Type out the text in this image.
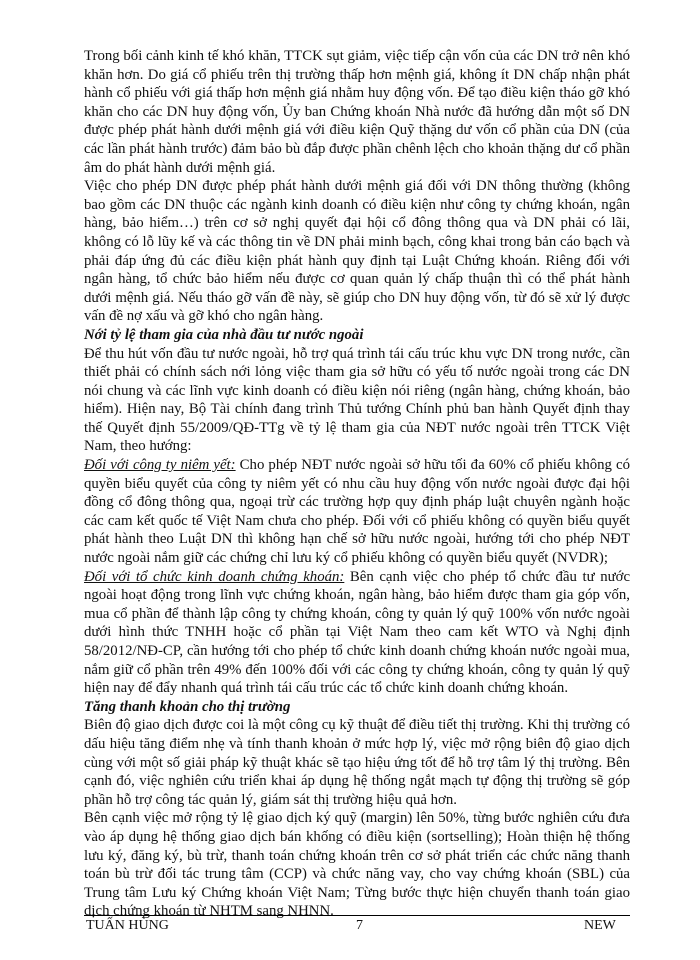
Trong bối cảnh kinh tế khó khăn, TTCK sụt giảm, việc tiếp cận vốn của các DN trở nên khó khăn hơn. Do giá cổ phiếu trên thị trường thấp hơn mệnh giá, không ít DN chấp nhận phát hành cổ phiếu với giá thấp hơn mệnh giá nhằm huy động vốn. Để tạo điều kiện tháo gỡ khó khăn cho các DN huy động vốn, Ủy ban Chứng khoán Nhà nước đã hướng dẫn một số DN được phép phát hành dưới mệnh giá với điều kiện Quỹ thặng dư vốn cổ phần của DN (của các lần phát hành trước) đảm bảo bù đắp được phần chênh lệch cho khoản thặng dư cổ phần âm do phát hành dưới mệnh giá.

Việc cho phép DN được phép phát hành dưới mệnh giá đối với DN thông thường (không bao gồm các DN thuộc các ngành kinh doanh có điều kiện như công ty chứng khoán, ngân hàng, bảo hiểm…) trên cơ sở nghị quyết đại hội cổ đông thông qua và DN phải có lãi, không có lỗ lũy kế và các thông tin về DN phải minh bạch, công khai trong bản cáo bạch và phải đáp ứng đủ các điều kiện phát hành quy định tại Luật Chứng khoán. Riêng đối với ngân hàng, tổ chức bảo hiểm nếu được cơ quan quản lý chấp thuận thì có thể phát hành dưới mệnh giá. Nếu tháo gỡ vấn đề này, sẽ giúp cho DN huy động vốn, từ đó sẽ xử lý được vấn đề nợ xấu và gỡ khó cho ngân hàng.

Nới tỷ lệ tham gia của nhà đầu tư nước ngoài

Để thu hút vốn đầu tư nước ngoài, hỗ trợ quá trình tái cấu trúc khu vực DN trong nước, cần thiết phải có chính sách nới lỏng việc tham gia sở hữu có yếu tố nước ngoài trong các DN nói chung và các lĩnh vực kinh doanh có điều kiện nói riêng (ngân hàng, chứng khoán, bảo hiểm). Hiện nay, Bộ Tài chính đang trình Thủ tướng Chính phủ ban hành Quyết định thay thế Quyết định 55/2009/QĐ-TTg về tỷ lệ tham gia của NĐT nước ngoài trên TTCK Việt Nam, theo hướng:

Đối với công ty niêm yết: Cho phép NĐT nước ngoài sở hữu tối đa 60% cổ phiếu không có quyền biểu quyết của công ty niêm yết có nhu cầu huy động vốn nước ngoài được đại hội đồng cổ đông thông qua, ngoại trừ các trường hợp quy định pháp luật chuyên ngành hoặc các cam kết quốc tế Việt Nam chưa cho phép. Đối với cổ phiếu không có quyền biểu quyết phát hành theo Luật DN thì không hạn chế sở hữu nước ngoài, hướng tới cho phép NĐT nước ngoài nắm giữ các chứng chỉ lưu ký cổ phiếu không có quyền biểu quyết (NVDR);

Đối với tổ chức kinh doanh chứng khoán: Bên cạnh việc cho phép tổ chức đầu tư nước ngoài hoạt động trong lĩnh vực chứng khoán, ngân hàng, bảo hiểm được tham gia góp vốn, mua cổ phần để thành lập công ty chứng khoán, công ty quản lý quỹ 100% vốn nước ngoài dưới hình thức TNHH hoặc cổ phần tại Việt Nam theo cam kết WTO và Nghị định 58/2012/NĐ-CP, cần hướng tới cho phép tổ chức kinh doanh chứng khoán nước ngoài mua, nắm giữ cổ phần trên 49% đến 100% đối với các công ty chứng khoán, công ty quản lý quỹ hiện nay để đẩy nhanh quá trình tái cấu trúc các tổ chức kinh doanh chứng khoán.

Tăng thanh khoản cho thị trường

Biên độ giao dịch được coi là một công cụ kỹ thuật để điều tiết thị trường. Khi thị trường có dấu hiệu tăng điểm nhẹ và tính thanh khoản ở mức hợp lý, việc mở rộng biên độ giao dịch cùng với một số giải pháp kỹ thuật khác sẽ tạo hiệu ứng tốt để hỗ trợ tâm lý thị trường. Bên cạnh đó, việc nghiên cứu triển khai áp dụng hệ thống ngắt mạch tự động thị trường sẽ góp phần hỗ trợ công tác quản lý, giám sát thị trường hiệu quả hơn.

Bên cạnh việc mở rộng tỷ lệ giao dịch ký quỹ (margin) lên 50%, từng bước nghiên cứu đưa vào áp dụng hệ thống giao dịch bán khống có điều kiện (sortselling); Hoàn thiện hệ thống lưu ký, đăng ký, bù trừ, thanh toán chứng khoán trên cơ sở phát triển các chức năng thanh toán bù trừ đối tác trung tâm (CCP) và chức năng vay, cho vay chứng khoán (SBL) của Trung tâm Lưu ký Chứng khoán Việt Nam; Từng bước thực hiện chuyển thanh toán giao dịch chứng khoán từ NHTM sang NHNN.

TUẤN HÙNG	7	NEW
